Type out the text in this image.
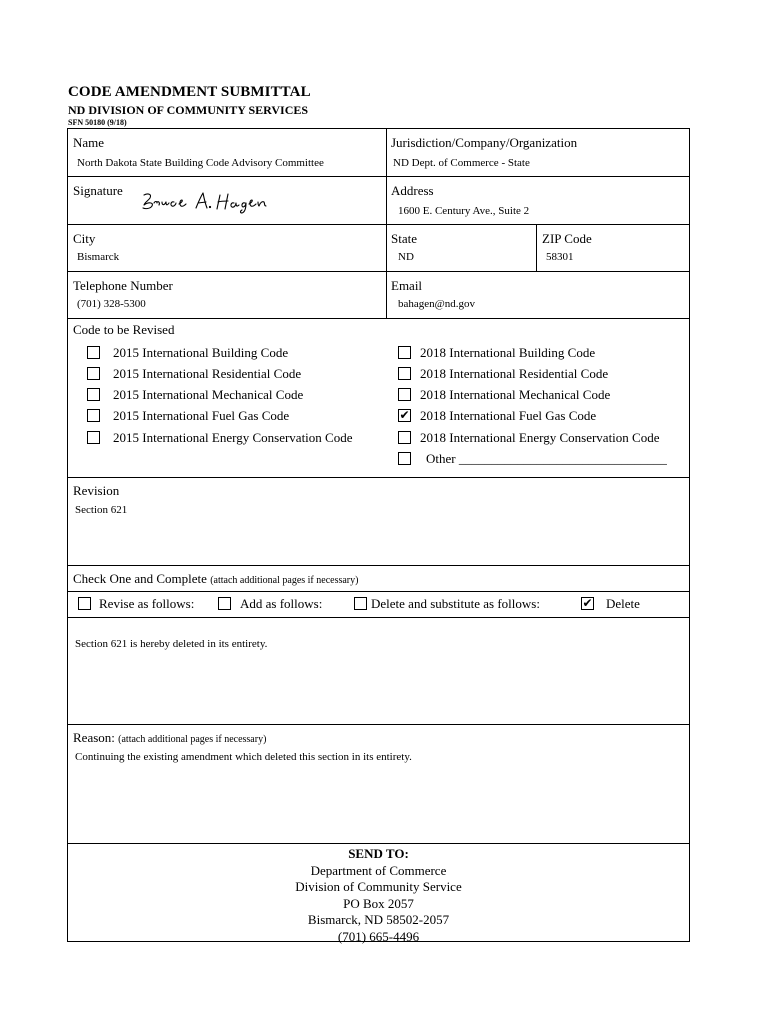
CODE AMENDMENT SUBMITTAL
ND DIVISION OF COMMUNITY SERVICES
SFN 50180 (9/18)
Name
North Dakota State Building Code Advisory Committee
Jurisdiction/Company/Organization
ND Dept. of Commerce - State
Signature	Address
1600 E. Century Ave., Suite 2
City
Bismarck
State
ND
ZIP Code
58301
Telephone Number
(701) 328-5300
Email
bahagen@nd.gov
Code to be Revised
2015 International Building Code
2015 International Residential Code
2015 International Mechanical Code
2015 International Fuel Gas Code
2015 International Energy Conservation Code
2018 International Building Code
2018 International Residential Code
2018 International Mechanical Code
✔ 2018 International Fuel Gas Code
2018 International Energy Conservation Code
Other ________________________________
Revision
Section 621
Check One and Complete (attach additional pages if necessary)
Revise as follows:	Add as follows:	Delete and substitute as follows:	✔ Delete
Section 621 is hereby deleted in its entirety.
Reason: (attach additional pages if necessary)
Continuing the existing amendment which deleted this section in its entirety.
SEND TO:
Department of Commerce
Division of Community Service
PO Box 2057
Bismarck, ND 58502-2057
(701) 665-4496
